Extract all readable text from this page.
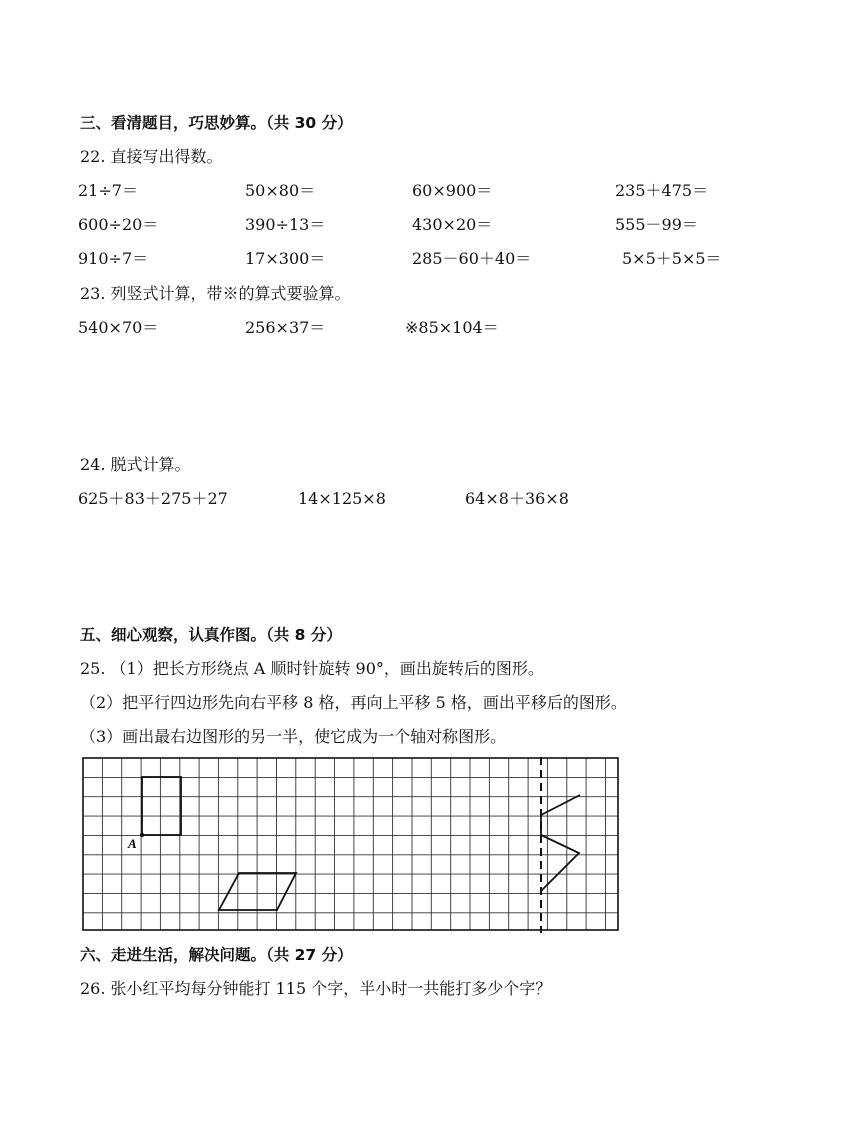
三、看清题目，巧思妙算。（共 30 分）
22. 直接写出得数。
21÷7＝	50×80＝	60×900＝	235＋475＝
600÷20＝	390÷13＝	430×20＝	555－99＝
910÷7＝	17×300＝	285－60＋40＝	5×5＋5×5＝
23. 列竖式计算，带※的算式要验算。
540×70＝	256×37＝	※85×104＝
24. 脱式计算。
625＋83＋275＋27	14×125×8	64×8＋36×8
五、细心观察，认真作图。（共 8 分）
25. （1）把长方形绕点 A 顺时针旋转 90°，画出旋转后的图形。
（2）把平行四边形先向右平移 8 格，再向上平移 5 格，画出平移后的图形。
（3）画出最右边图形的另一半，使它成为一个轴对称图形。
A
六、走进生活，解决问题。（共 27 分）
26. 张小红平均每分钟能打 115 个字，半小时一共能打多少个字？
